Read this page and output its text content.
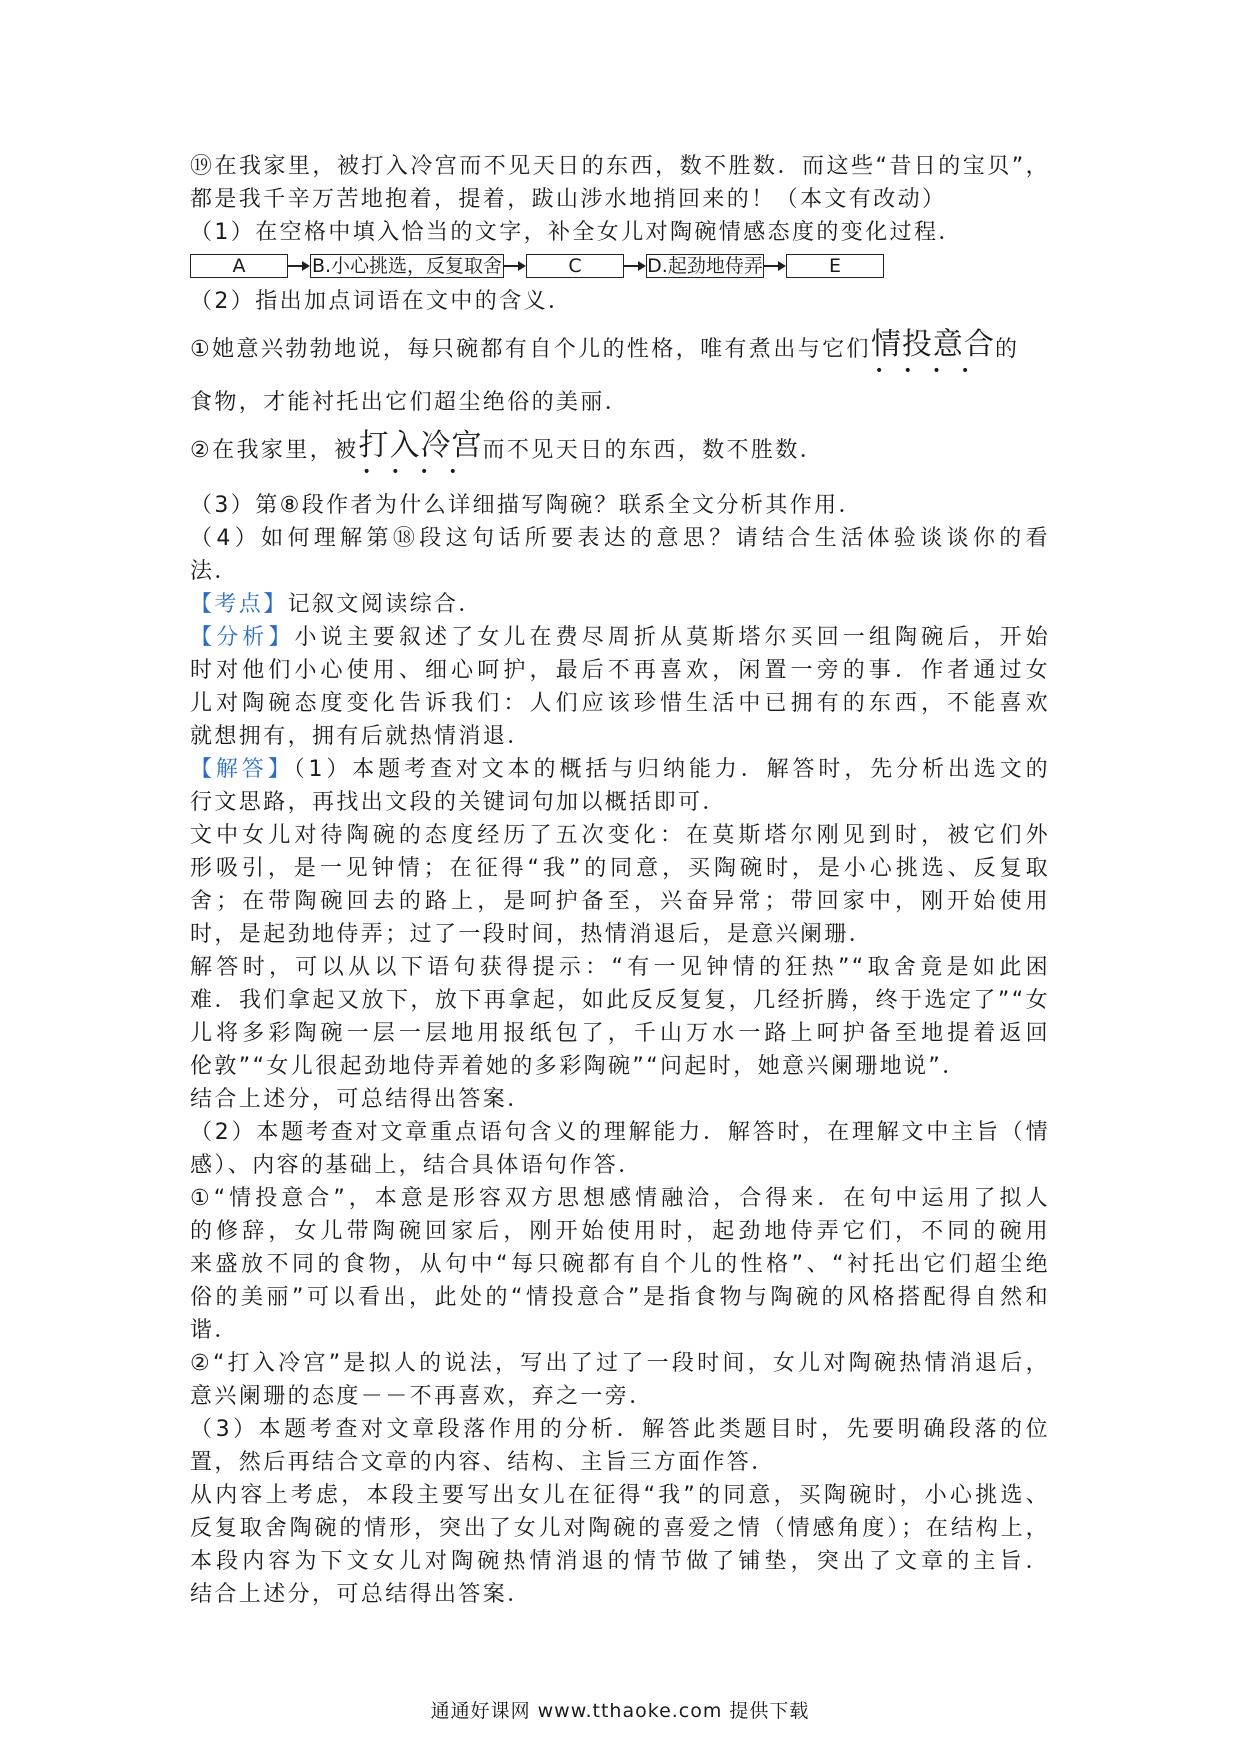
⑲在我家里，被打入冷宫而不见天日的东西，数不胜数．而这些“昔日的宝贝”，
都是我千辛万苦地抱着，提着，跋山涉水地捎回来的！（本文有改动）
（1）在空格中填入恰当的文字，补全女儿对陶碗情感态度的变化过程．
A	B.小心挑选，反复取舍	C	D.起劲地侍弄	E
（2）指出加点词语在文中的含义．
①她意兴勃勃地说，每只碗都有自个儿的性格，唯有煮出与它们情投意合 • • • •的
食物，才能衬托出它们超尘绝俗的美丽．
②在我家里，被打入冷宫 • • • •而不见天日的东西，数不胜数．
（3）第⑧段作者为什么详细描写陶碗？联系全文分析其作用．
（4）如何理解第⑱段这句话所要表达的意思？请结合生活体验谈谈你的看
法．
【考点】记叙文阅读综合．
【分析】小说主要叙述了女儿在费尽周折从莫斯塔尔买回一组陶碗后，开始
时对他们小心使用、细心呵护，最后不再喜欢，闲置一旁的事．作者通过女
儿对陶碗态度变化告诉我们：人们应该珍惜生活中已拥有的东西，不能喜欢
就想拥有，拥有后就热情消退．
【解答】（1）本题考查对文本的概括与归纳能力．解答时，先分析出选文的
行文思路，再找出文段的关键词句加以概括即可．
文中女儿对待陶碗的态度经历了五次变化：在莫斯塔尔刚见到时，被它们外
形吸引，是一见钟情；在征得“我”的同意，买陶碗时，是小心挑选、反复取
舍；在带陶碗回去的路上，是呵护备至，兴奋异常；带回家中，刚开始使用
时，是起劲地侍弄；过了一段时间，热情消退后，是意兴阑珊．
解答时，可以从以下语句获得提示：“有一见钟情的狂热”“取舍竟是如此困
难．我们拿起又放下，放下再拿起，如此反反复复，几经折腾，终于选定了”“女
儿将多彩陶碗一层一层地用报纸包了，千山万水一路上呵护备至地提着返回
伦敦”“女儿很起劲地侍弄着她的多彩陶碗”“问起时，她意兴阑珊地说”．
结合上述分，可总结得出答案．
（2）本题考查对文章重点语句含义的理解能力．解答时，在理解文中主旨（情
感）、内容的基础上，结合具体语句作答．
①“情投意合”，本意是形容双方思想感情融洽，合得来．在句中运用了拟人
的修辞，女儿带陶碗回家后，刚开始使用时，起劲地侍弄它们，不同的碗用
来盛放不同的食物，从句中“每只碗都有自个儿的性格”、“衬托出它们超尘绝
俗的美丽”可以看出，此处的“情投意合”是指食物与陶碗的风格搭配得自然和
谐．
②“打入冷宫”是拟人的说法，写出了过了一段时间，女儿对陶碗热情消退后，
意兴阑珊的态度－－不再喜欢，弃之一旁．
（3）本题考查对文章段落作用的分析．解答此类题目时，先要明确段落的位
置，然后再结合文章的内容、结构、主旨三方面作答．
从内容上考虑，本段主要写出女儿在征得“我”的同意，买陶碗时，小心挑选、
反复取舍陶碗的情形，突出了女儿对陶碗的喜爱之情（情感角度）；在结构上，
本段内容为下文女儿对陶碗热情消退的情节做了铺垫，突出了文章的主旨．
结合上述分，可总结得出答案．
通通好课网 www.tthaoke.com 提供下载
